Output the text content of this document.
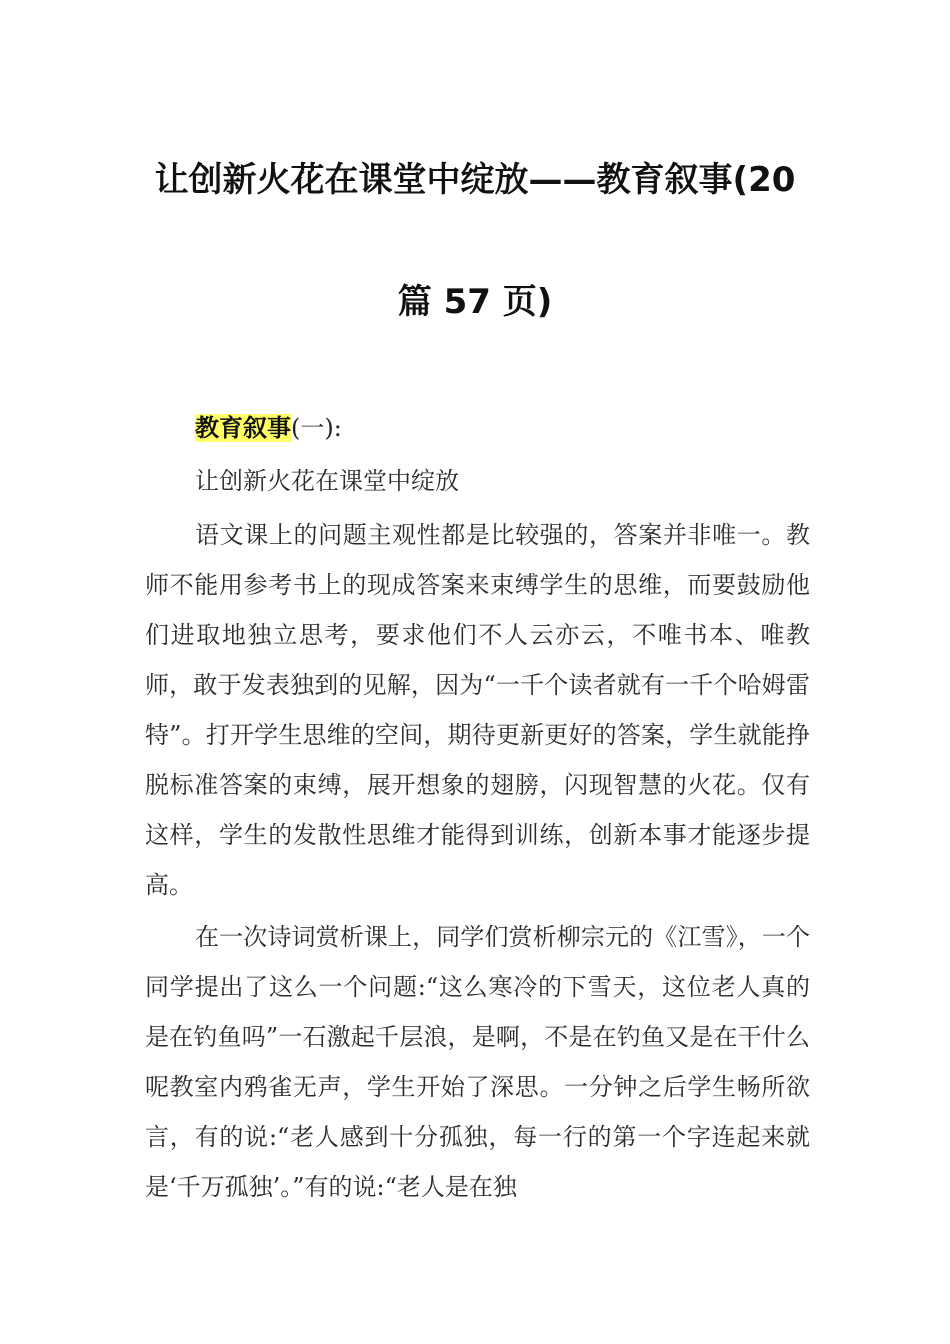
让创新火花在课堂中绽放——教育叙事(20
篇 57 页)
教育叙事(一):
让创新火花在课堂中绽放

语文课上的问题主观性都是比较强的，答案并非唯一。教师不能用参考书上的现成答案来束缚学生的思维，而要鼓励他们进取地独立思考，要求他们不人云亦云，不唯书本、唯教师，敢于发表独到的见解，因为“一千个读者就有一千个哈姆雷特”。打开学生思维的空间，期待更新更好的答案，学生就能挣脱标准答案的束缚，展开想象的翅膀，闪现智慧的火花。仅有这样，学生的发散性思维才能得到训练，创新本事才能逐步提高。

在一次诗词赏析课上，同学们赏析柳宗元的《江雪》，一个同学提出了这么一个问题:“这么寒冷的下雪天，这位老人真的是在钓鱼吗”一石激起千层浪，是啊，不是在钓鱼又是在干什么呢教室内鸦雀无声，学生开始了深思。一分钟之后学生畅所欲言，有的说:“老人感到十分孤独，每一行的第一个字连起来就是‘千万孤独’。”有的说:“老人是在独
